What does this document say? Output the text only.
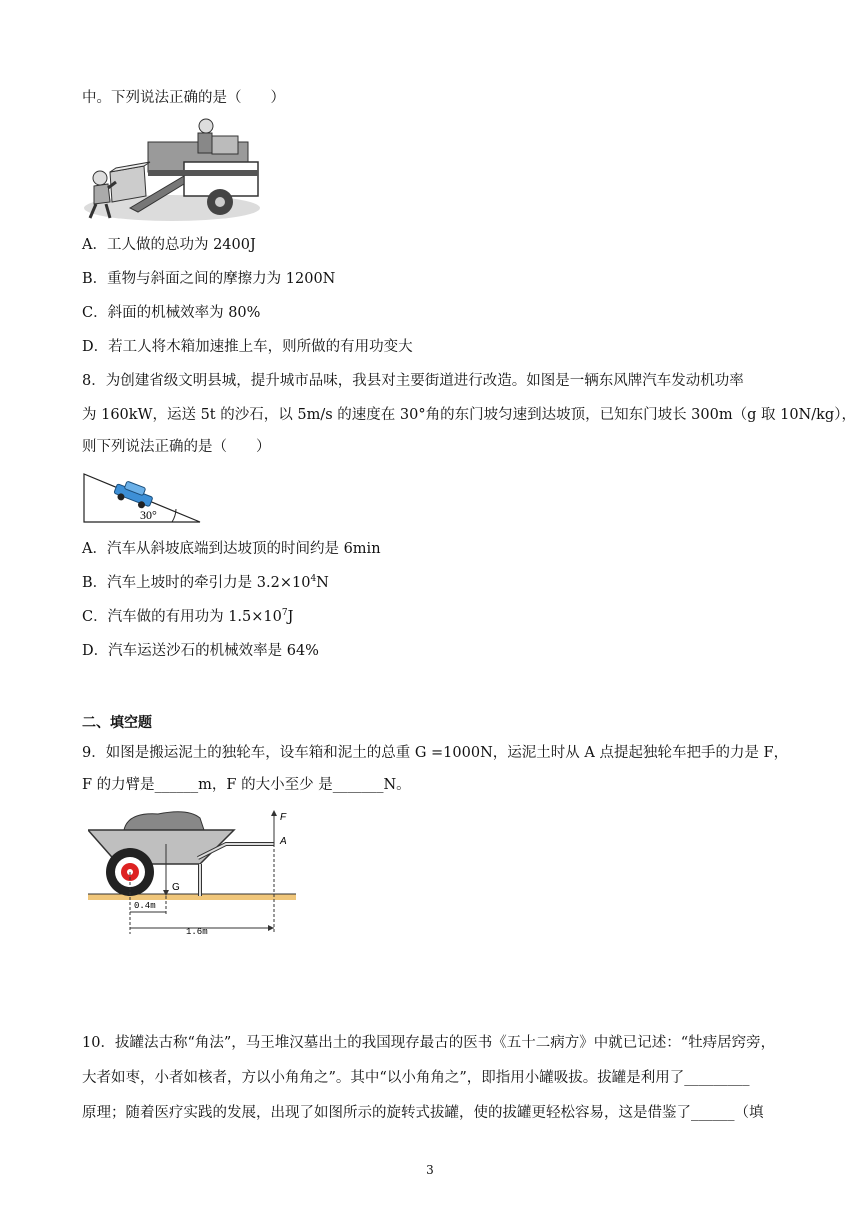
中。下列说法正确的是（　　）
A．工人做的总功为 2400J
B．重物与斜面之间的摩擦力为 1200N
C．斜面的机械效率为 80%
D．若工人将木箱加速推上车，则所做的有用功变大
8．为创建省级文明县城，提升城市品味，我县对主要街道进行改造。如图是一辆东风牌汽车发动机功率
为 160kW，运送 5t 的沙石，以 5m/s 的速度在 30°角的东门坡匀速到达坡顶，已知东门坡长 300m（g 取 10N/kg），
则下列说法正确的是（　　）
30°
A．汽车从斜坡底端到达坡顶的时间约是 6min
B．汽车上坡时的牵引力是 $3.2\times 10^4N$
C．汽车做的有用功为 $1.5\times 10^7J$
D．汽车运送沙石的机械效率是 64%
二、填空题
9．如图是搬运泥土的独轮车，设车箱和泥土的总重 G =1000N，运泥土时从 A 点提起独轮车把手的力是 F，
F 的力臂是______m，F 的大小至少 是_______N。
G
F
A
0.4m
1.6m
10．拔罐法古称“角法”，马王堆汉墓出土的我国现存最古的医书《五十二病方》中就已记述：“牡痔居窍旁，
大者如枣，小者如核者，方以小角角之”。其中“以小角角之”，即指用小罐吸拔。拔罐是利用了_________
原理；随着医疗实践的发展，出现了如图所示的旋转式拔罐，使的拔罐更轻松容易，这是借鉴了______（填
3
